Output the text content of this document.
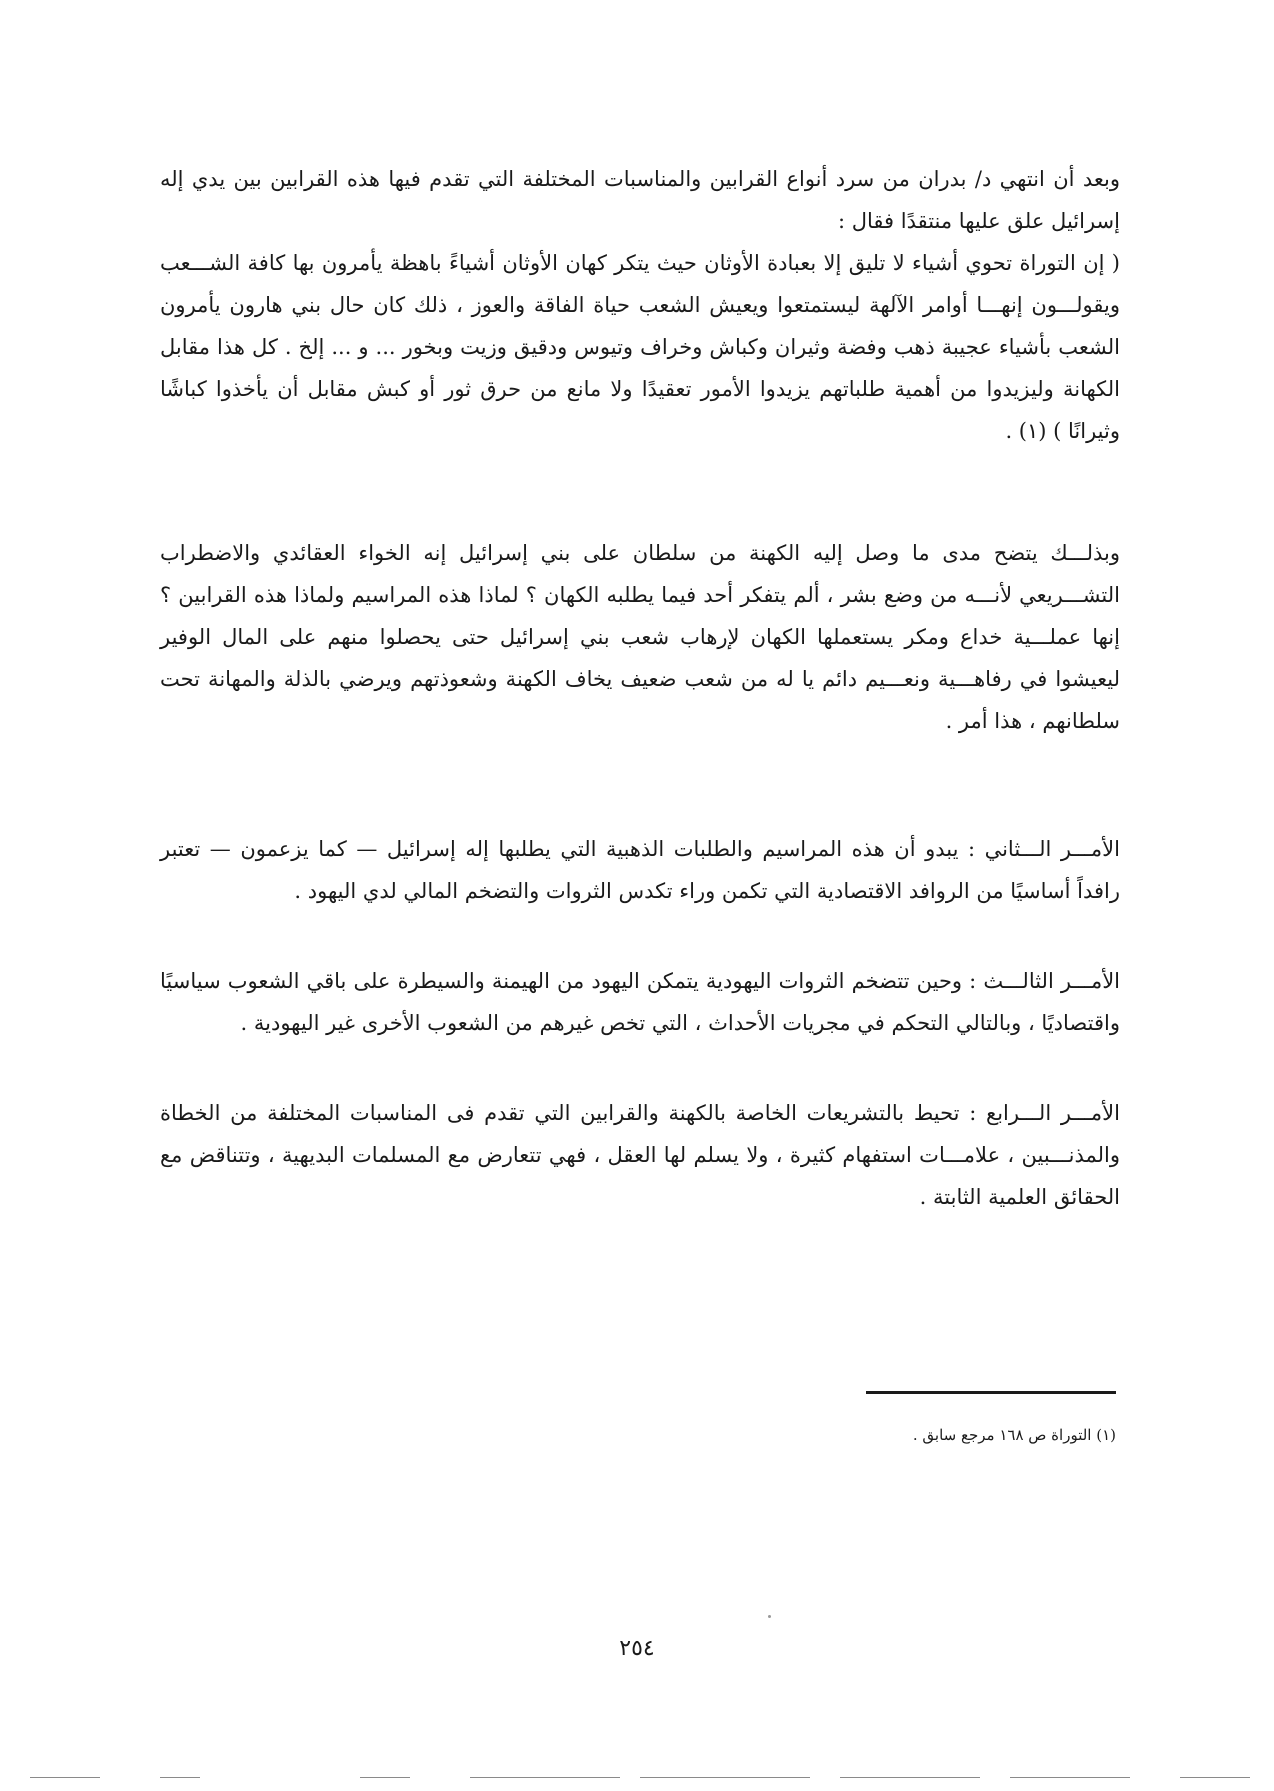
وبعد أن انتهي د/ بدران من سرد أنواع القرابين والمناسبات المختلفة التي تقدم فيها هذه القرابين بين يدي إله إسرائيل علق عليها منتقدًا فقال :

( إن التوراة تحوي أشياء لا تليق إلا بعبادة الأوثان حيث يتكر كهان الأوثان أشياءً باهظة يأمرون بها كافة الشـــعب ويقولـــون إنهـــا أوامر الآلهة ليستمتعوا ويعيش الشعب حياة الفاقة والعوز ، ذلك كان حال بني هارون يأمرون الشعب بأشياء عجيبة ذهب وفضة وثيران وكباش وخراف وتيوس ودقيق وزيت وبخور ... و ... إلخ . كل هذا مقابل الكهانة وليزيدوا من أهمية طلباتهم يزيدوا الأمور تعقيدًا ولا مانع من حرق ثور أو كبش مقابل أن يأخذوا كباشًا وثيرانًا ) (١) .

وبذلـــك يتضح مدى ما وصل إليه الكهنة من سلطان على بني إسرائيل إنه الخواء العقائدي والاضطراب التشـــريعي لأنـــه من وضع بشر ، ألم يتفكر أحد فيما يطلبه الكهان ؟ لماذا هذه المراسيم ولماذا هذه القرابين ؟ إنها عملـــية خداع ومكر يستعملها الكهان لإرهاب شعب بني إسرائيل حتى يحصلوا منهم على المال الوفير ليعيشوا في رفاهـــية ونعـــيم دائم يا له من شعب ضعيف يخاف الكهنة وشعوذتهم ويرضي بالذلة والمهانة تحت سلطانهم ، هذا أمر .

الأمـــر الـــثاني : يبدو أن هذه المراسيم والطلبات الذهبية التي يطلبها إله إسرائيل — كما يزعمون — تعتبر رافداً أساسيًا من الروافد الاقتصادية التي تكمن وراء تكدس الثروات والتضخم المالي لدي اليهود .

الأمـــر الثالـــث : وحين تتضخم الثروات اليهودية يتمكن اليهود من الهيمنة والسيطرة على باقي الشعوب سياسيًا واقتصاديًا ، وبالتالي التحكم في مجريات الأحداث ، التي تخص غيرهم من الشعوب الأخرى غير اليهودية .

الأمـــر الـــرابع : تحيط بالتشريعات الخاصة بالكهنة والقرابين التي تقدم فى المناسبات المختلفة من الخطاة والمذنـــبين ، علامـــات استفهام كثيرة ، ولا يسلم لها العقل ، فهي تتعارض مع المسلمات البديهية ، وتتناقض مع الحقائق العلمية الثابتة .

(١) التوراة ص ١٦٨ مرجع سابق .
٢٥٤
